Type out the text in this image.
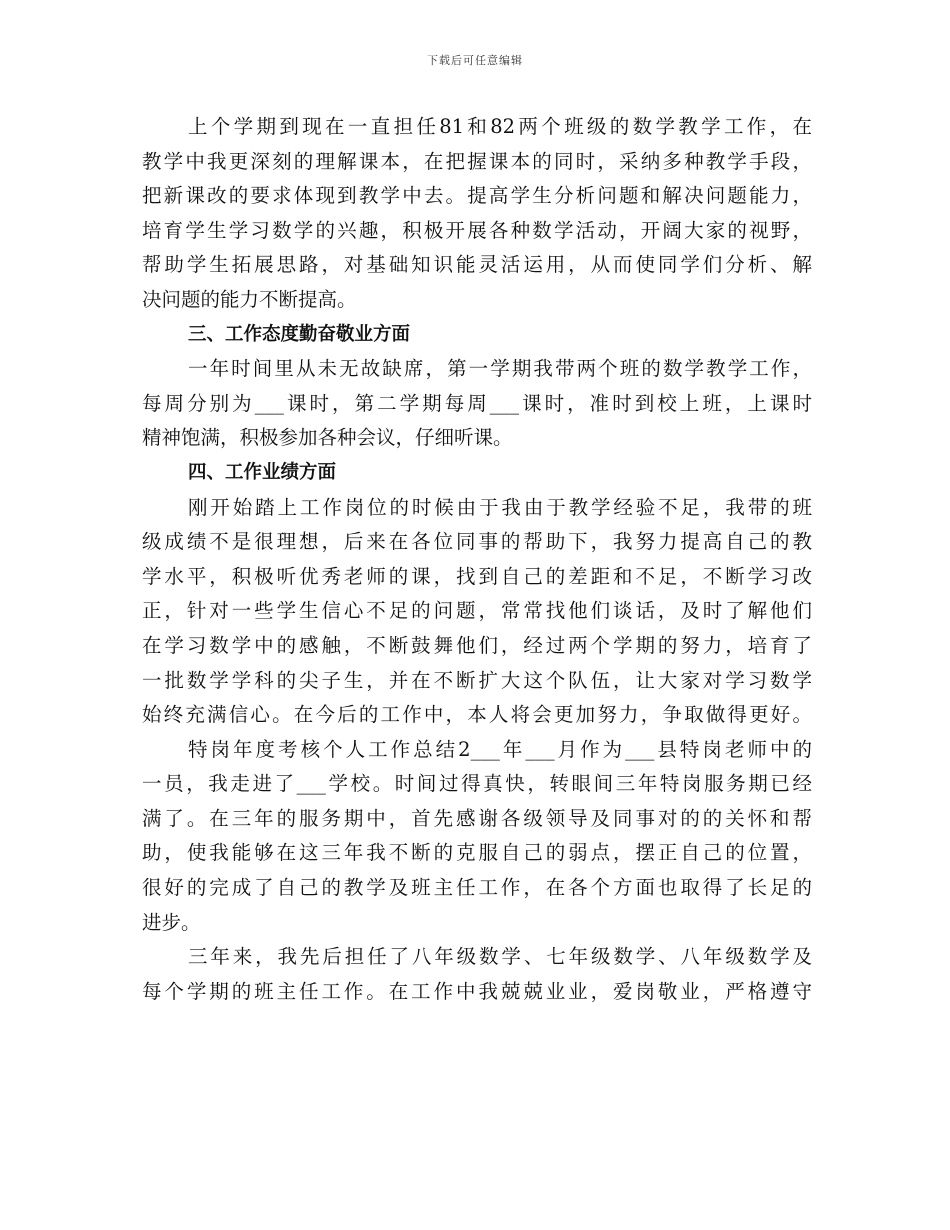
下载后可任意编辑
上个学期到现在一直担任81和82两个班级的数学教学工作，在
教学中我更深刻的理解课本，在把握课本的同时，采纳多种教学手段，
把新课改的要求体现到教学中去。提高学生分析问题和解决问题能力，
培育学生学习数学的兴趣，积极开展各种数学活动，开阔大家的视野，
帮助学生拓展思路，对基础知识能灵活运用，从而使同学们分析、解
决问题的能力不断提高。
三、工作态度勤奋敬业方面
一年时间里从未无故缺席，第一学期我带两个班的数学教学工作，
每周分别为___课时，第二学期每周___课时，准时到校上班，上课时
精神饱满，积极参加各种会议，仔细听课。
四、工作业绩方面
刚开始踏上工作岗位的时候由于我由于教学经验不足，我带的班
级成绩不是很理想，后来在各位同事的帮助下，我努力提高自己的教
学水平，积极听优秀老师的课，找到自己的差距和不足，不断学习改
正，针对一些学生信心不足的问题，常常找他们谈话，及时了解他们
在学习数学中的感触，不断鼓舞他们，经过两个学期的努力，培育了
一批数学学科的尖子生，并在不断扩大这个队伍，让大家对学习数学
始终充满信心。在今后的工作中，本人将会更加努力，争取做得更好。
特岗年度考核个人工作总结2___年___月作为___县特岗老师中的
一员，我走进了___学校。时间过得真快，转眼间三年特岗服务期已经
满了。在三年的服务期中，首先感谢各级领导及同事对的的关怀和帮
助，使我能够在这三年我不断的克服自己的弱点，摆正自己的位置，
很好的完成了自己的教学及班主任工作，在各个方面也取得了长足的
进步。
三年来，我先后担任了八年级数学、七年级数学、八年级数学及
每个学期的班主任工作。在工作中我兢兢业业，爱岗敬业，严格遵守
